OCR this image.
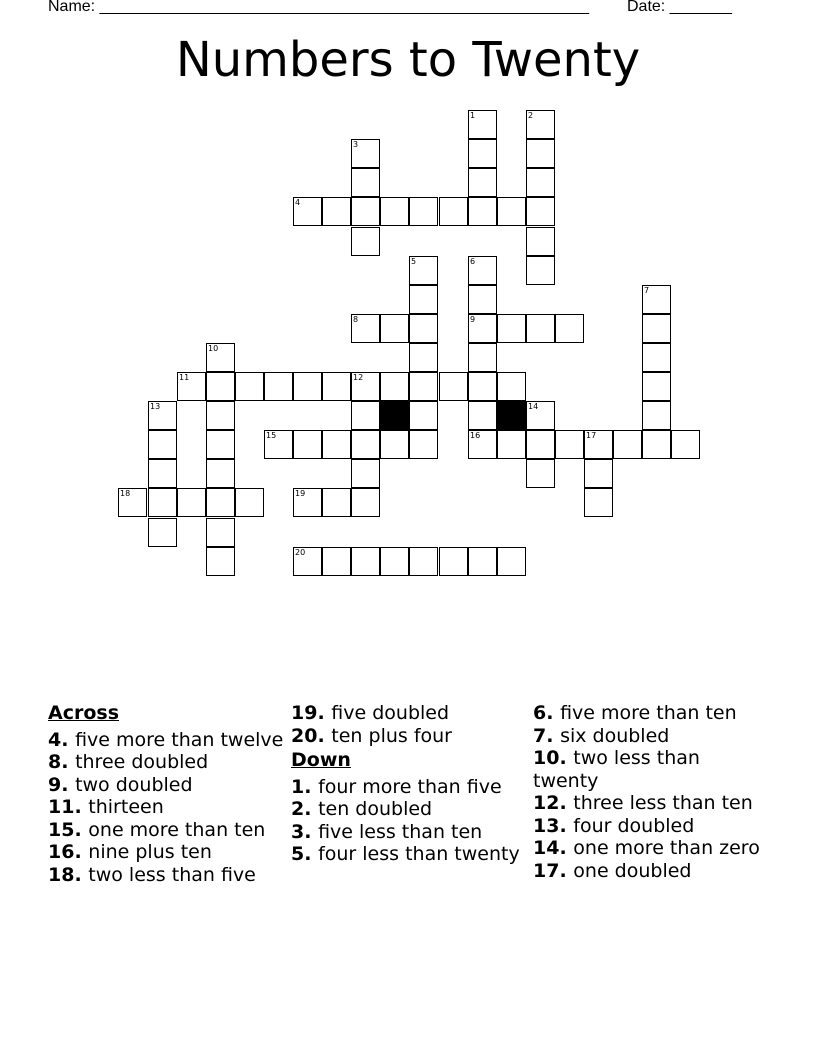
Name: _______________________________________________________ Date: _______
Numbers to Twenty
1	2
3
4
5	6
7
8	9
10
11	12
13	14
15	16	17
18	19
20
Across
4. five more than twelve
8. three doubled
9. two doubled
11. thirteen
15. one more than ten
16. nine plus ten
18. two less than five
19. five doubled
20. ten plus four
Down
1. four more than five
2. ten doubled
3. five less than ten
5. four less than twenty
6. five more than ten
7. six doubled
10. two less than twenty
12. three less than ten
13. four doubled
14. one more than zero
17. one doubled
